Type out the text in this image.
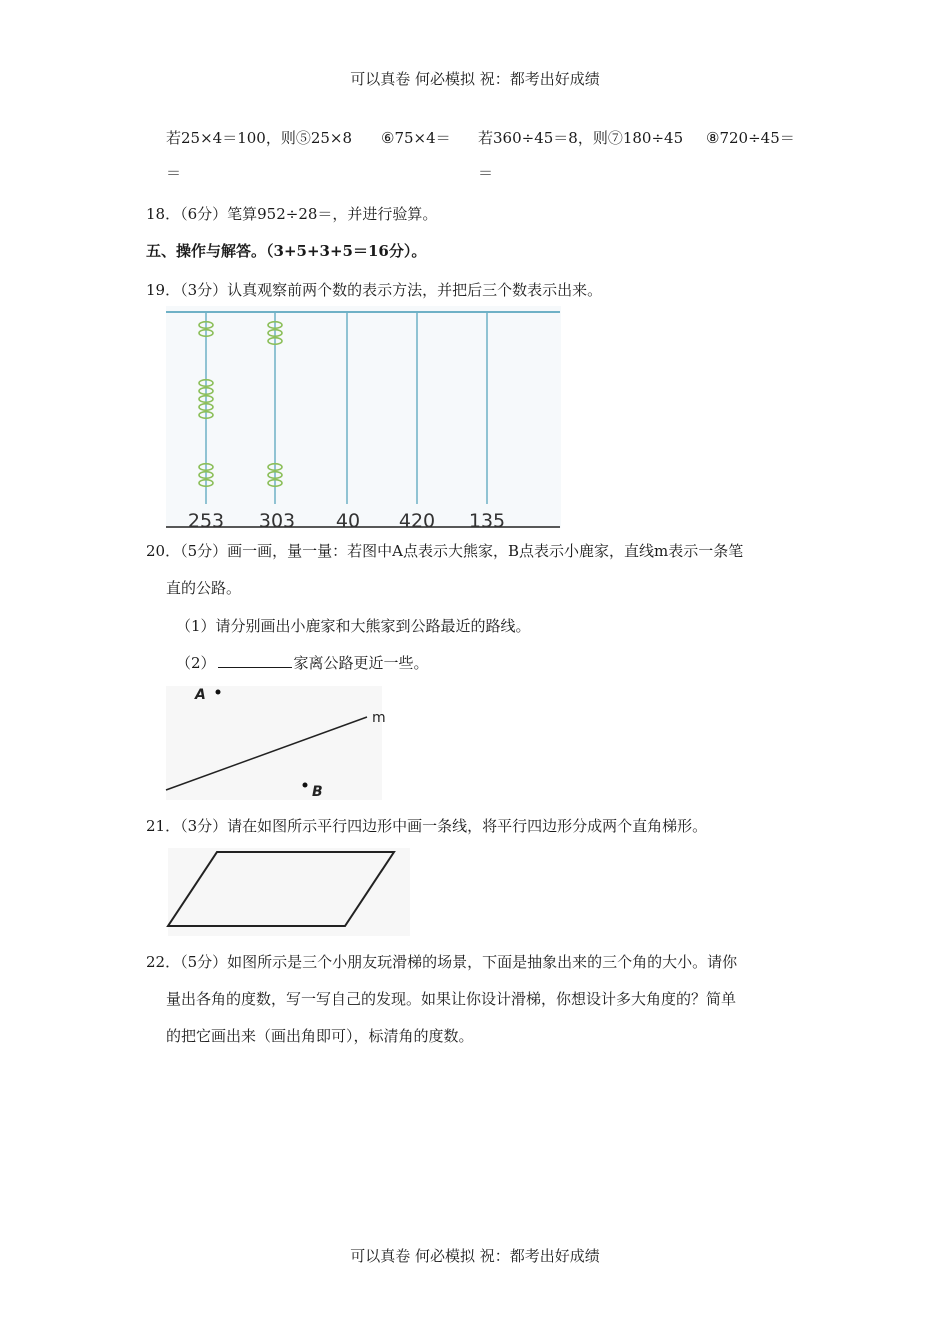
可以真卷 何必模拟 祝：都考出好成绩
若25×4＝100，则⑤25×8 ⑥75×4＝
＝
若360÷45＝8，则⑦180÷45 ⑧720÷45＝
＝
18．（6分）笔算952÷28＝，并进行验算。
五、操作与解答。（3+5+3+5＝16分）。
19．（3分）认真观察前两个数的表示方法，并把后三个数表示出来。
253 303 40 420 135
20．（5分）画一画，量一量：若图中A点表示大熊家，B点表示小鹿家，直线m表示一条笔
直的公路。
（1）请分别画出小鹿家和大熊家到公路最近的路线。
（2）	家离公路更近一些。
A
B
m
21．（3分）请在如图所示平行四边形中画一条线，将平行四边形分成两个直角梯形。
22．（5分）如图所示是三个小朋友玩滑梯的场景，下面是抽象出来的三个角的大小。请你
量出各角的度数，写一写自己的发现。如果让你设计滑梯，你想设计多大角度的？简单
的把它画出来（画出角即可），标清角的度数。
可以真卷 何必模拟 祝：都考出好成绩
